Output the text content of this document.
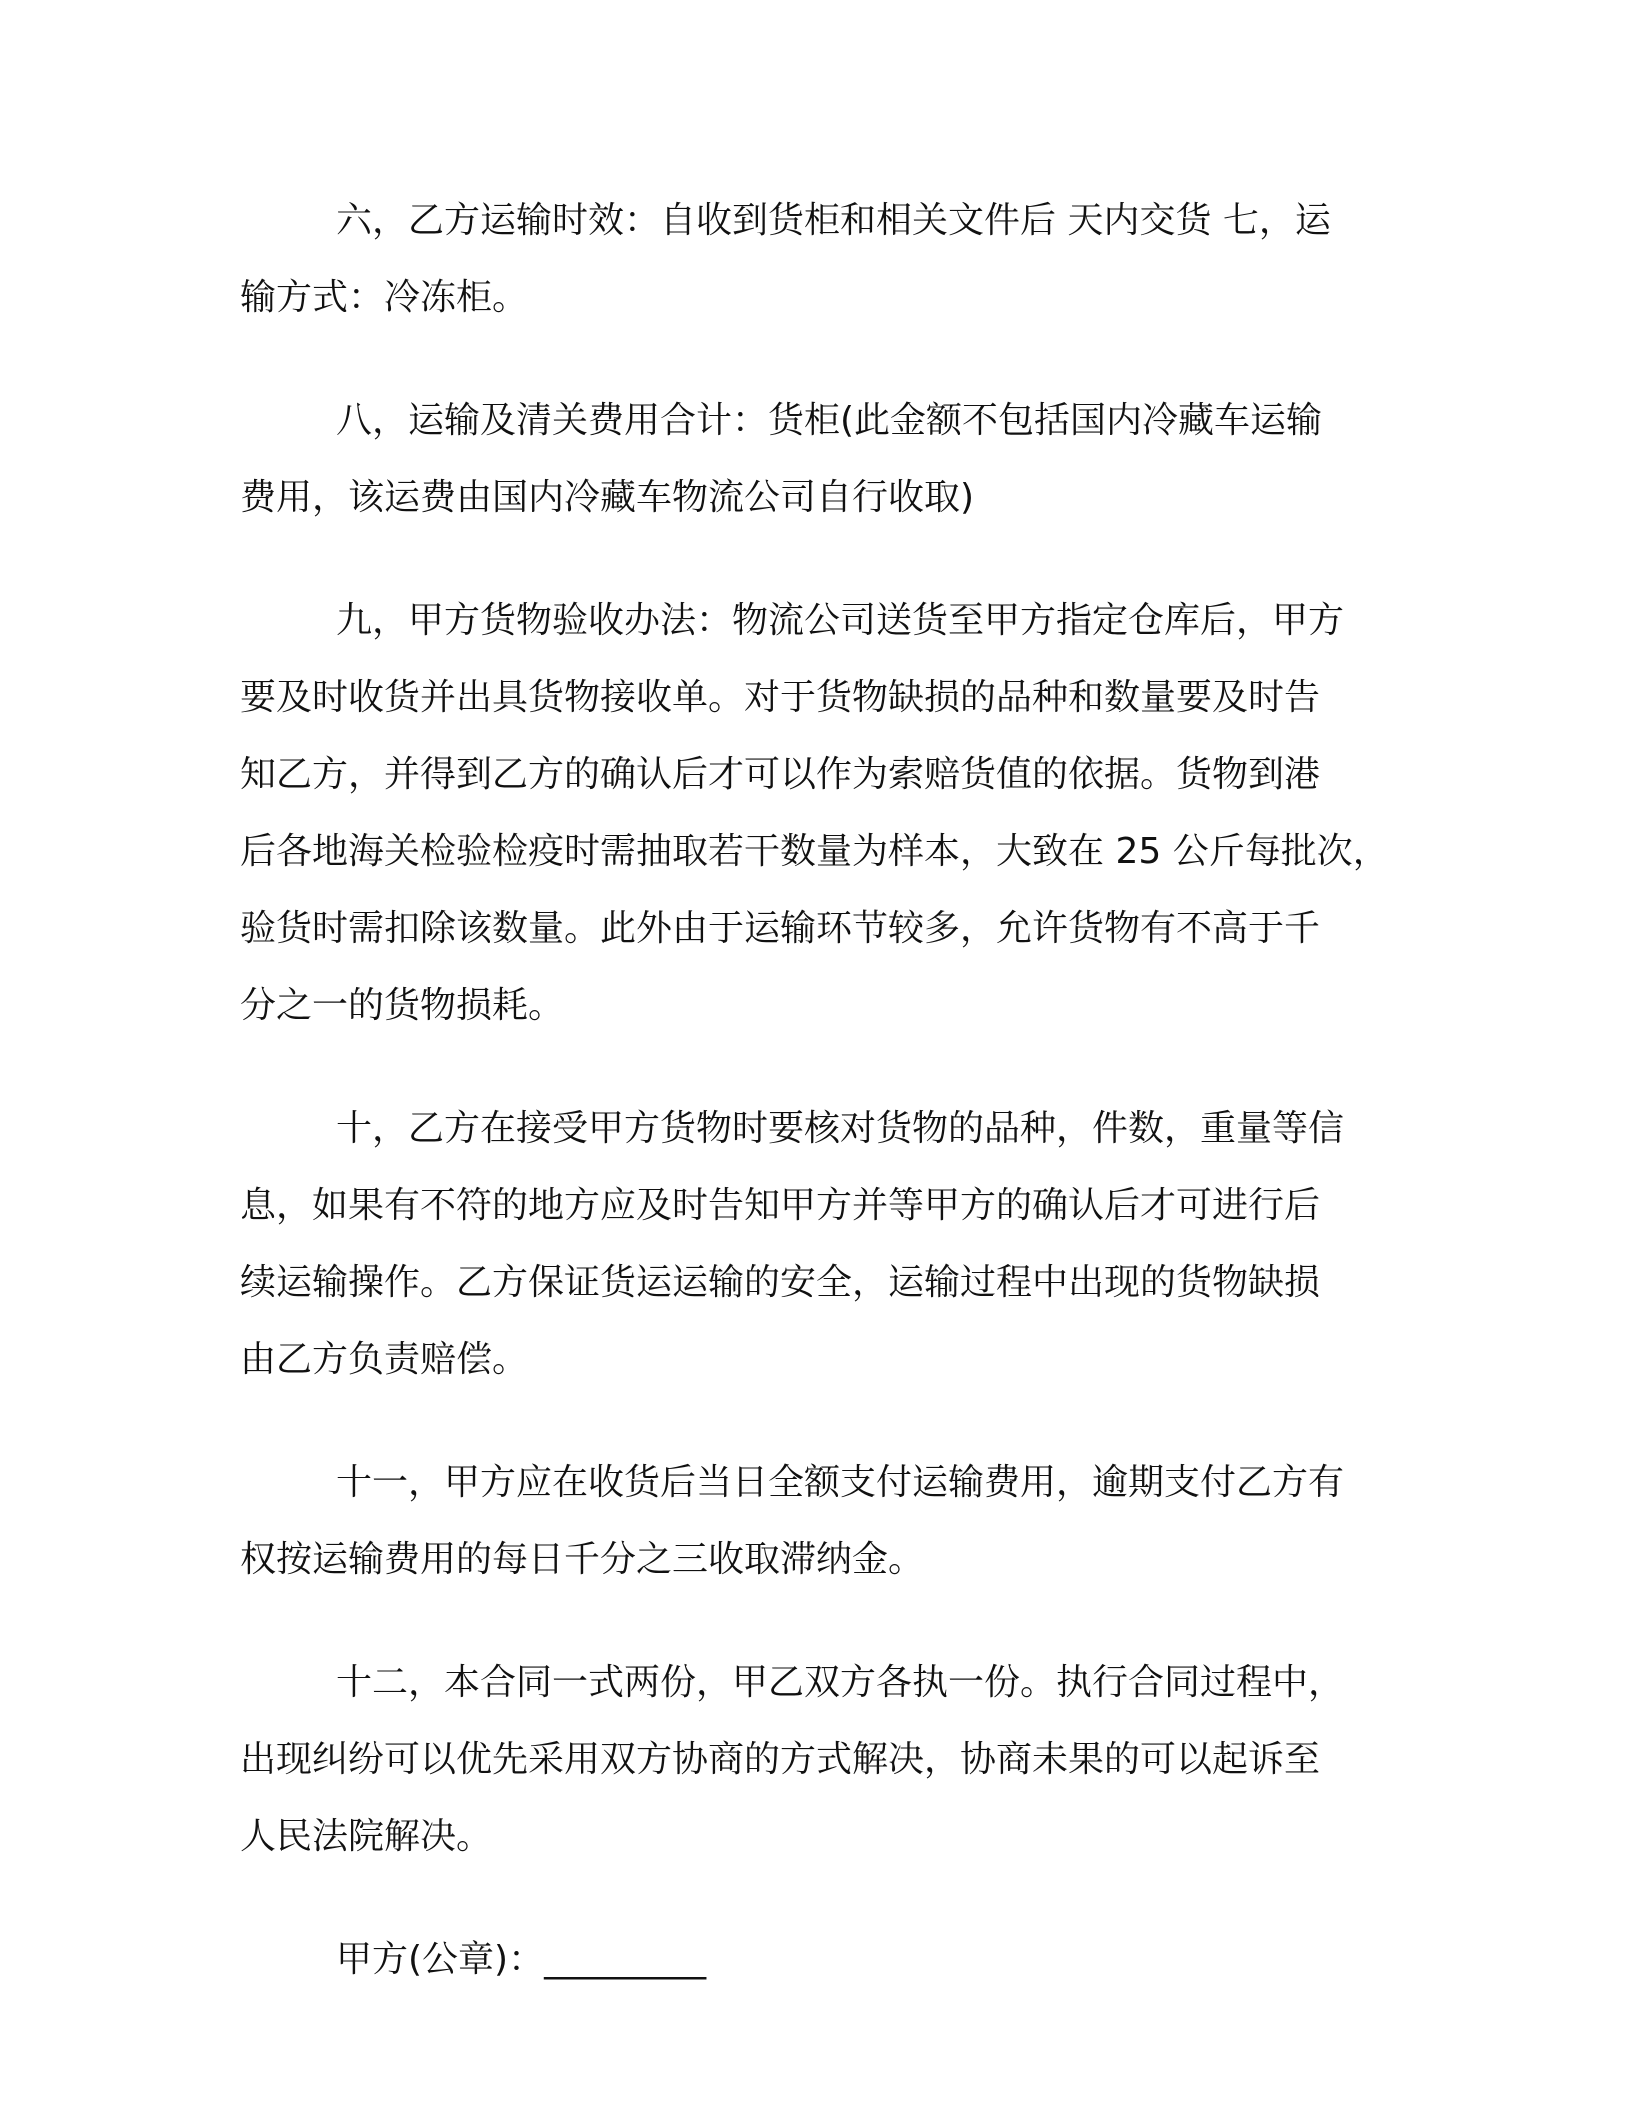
六，乙方运输时效：自收到货柜和相关文件后 天内交货 七，运
输方式：冷冻柜。

八，运输及清关费用合计：货柜(此金额不包括国内冷藏车运输
费用，该运费由国内冷藏车物流公司自行收取)

九，甲方货物验收办法：物流公司送货至甲方指定仓库后，甲方
要及时收货并出具货物接收单。对于货物缺损的品种和数量要及时告
知乙方，并得到乙方的确认后才可以作为索赔货值的依据。货物到港
后各地海关检验检疫时需抽取若干数量为样本，大致在 25 公斤每批次，
验货时需扣除该数量。此外由于运输环节较多，允许货物有不高于千
分之一的货物损耗。

十，乙方在接受甲方货物时要核对货物的品种，件数，重量等信
息，如果有不符的地方应及时告知甲方并等甲方的确认后才可进行后
续运输操作。乙方保证货运运输的安全，运输过程中出现的货物缺损
由乙方负责赔偿。

十一，甲方应在收货后当日全额支付运输费用，逾期支付乙方有
权按运输费用的每日千分之三收取滞纳金。

十二，本合同一式两份，甲乙双方各执一份。执行合同过程中，
出现纠纷可以优先采用双方协商的方式解决，协商未果的可以起诉至
人民法院解决。

甲方(公章)：_________
